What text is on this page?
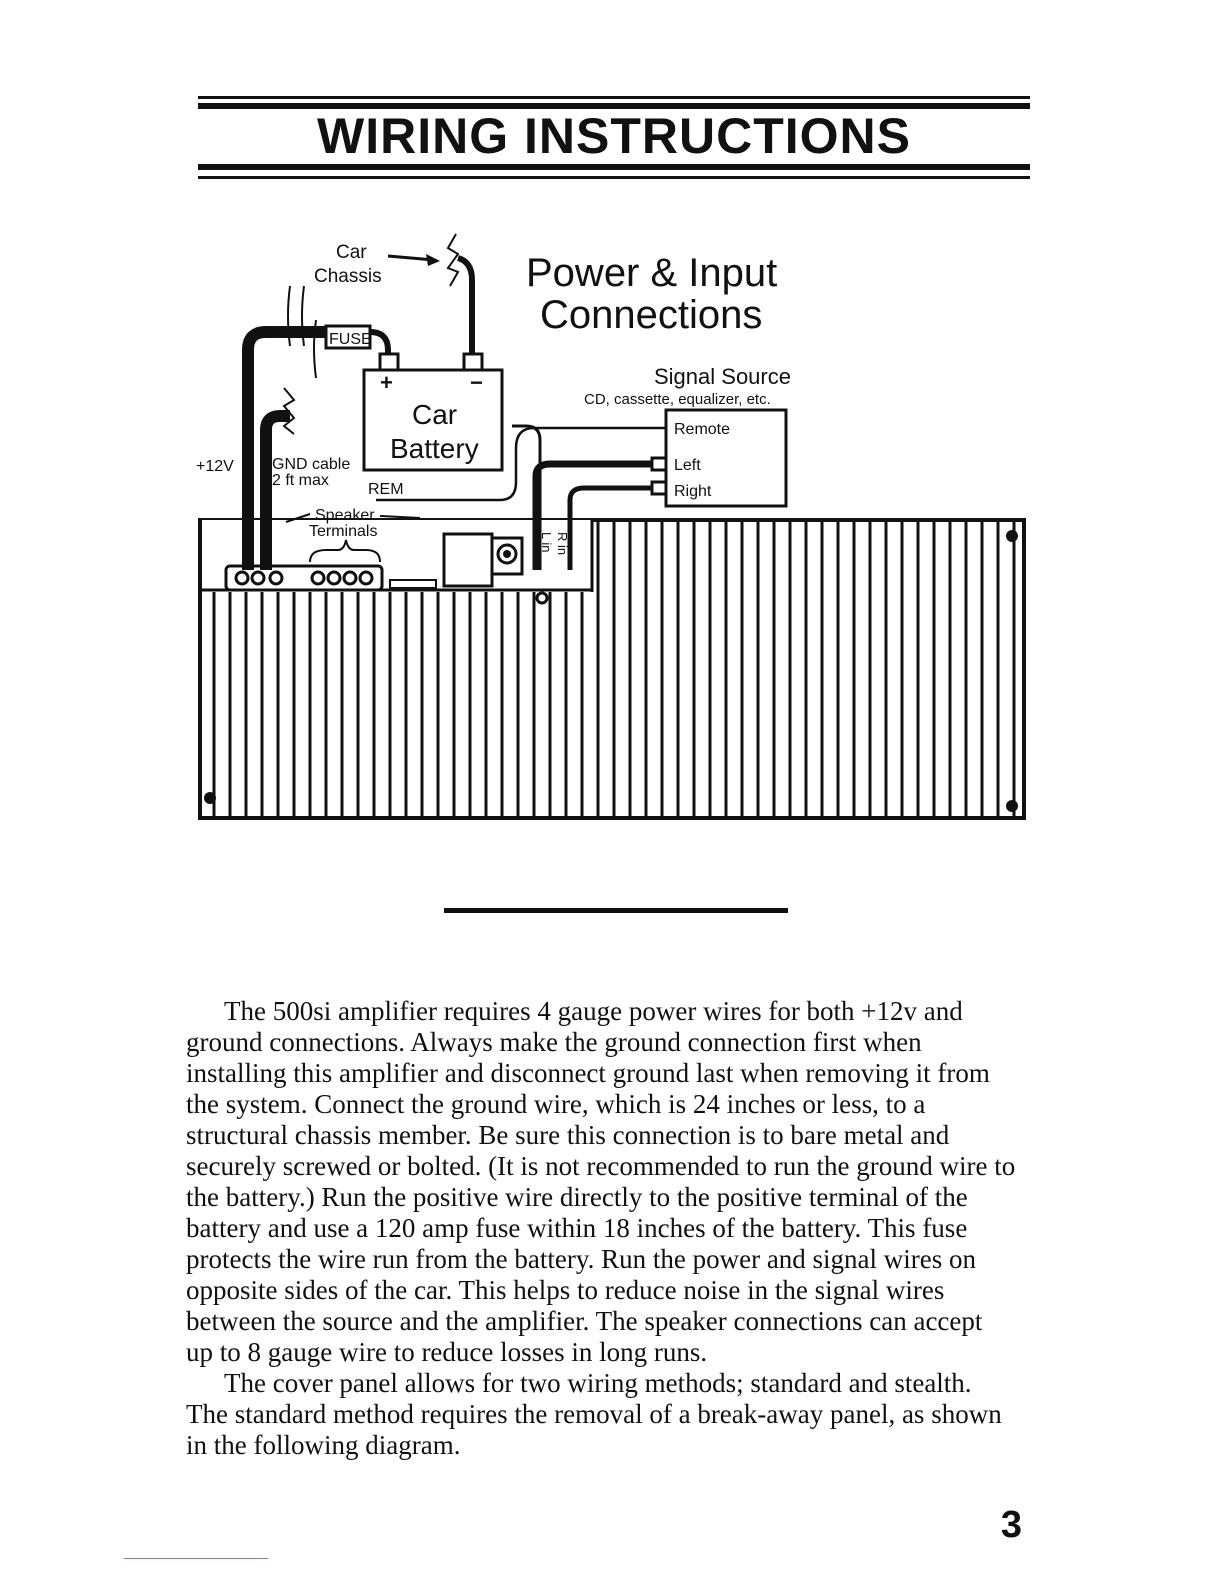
WIRING INSTRUCTIONS
FUSE
+	−
Car
Battery
Car
Chassis
+12V GND cable
2 ft max
REM
Speaker
Terminals
L in R in
Power & Input
Connections
Signal Source
CD, cassette, equalizer, etc.
Remote
Left
Right

The 500si amplifier requires 4 gauge power wires for both +12v and ground connections. Always make the ground connection first when installing this amplifier and disconnect ground last when removing it from the system. Connect the ground wire, which is 24 inches or less, to a structural chassis member. Be sure this connection is to bare metal and securely screwed or bolted. (It is not recommended to run the ground wire to the battery.) Run the positive wire directly to the positive terminal of the battery and use a 120 amp fuse within 18 inches of the battery. This fuse protects the wire run from the battery. Run the power and signal wires on opposite sides of the car. This helps to reduce noise in the signal wires between the source and the amplifier. The speaker connections can accept up to 8 gauge wire to reduce losses in long runs.

The cover panel allows for two wiring methods; standard and stealth. The standard method requires the removal of a break-away panel, as shown in the following diagram.

3
